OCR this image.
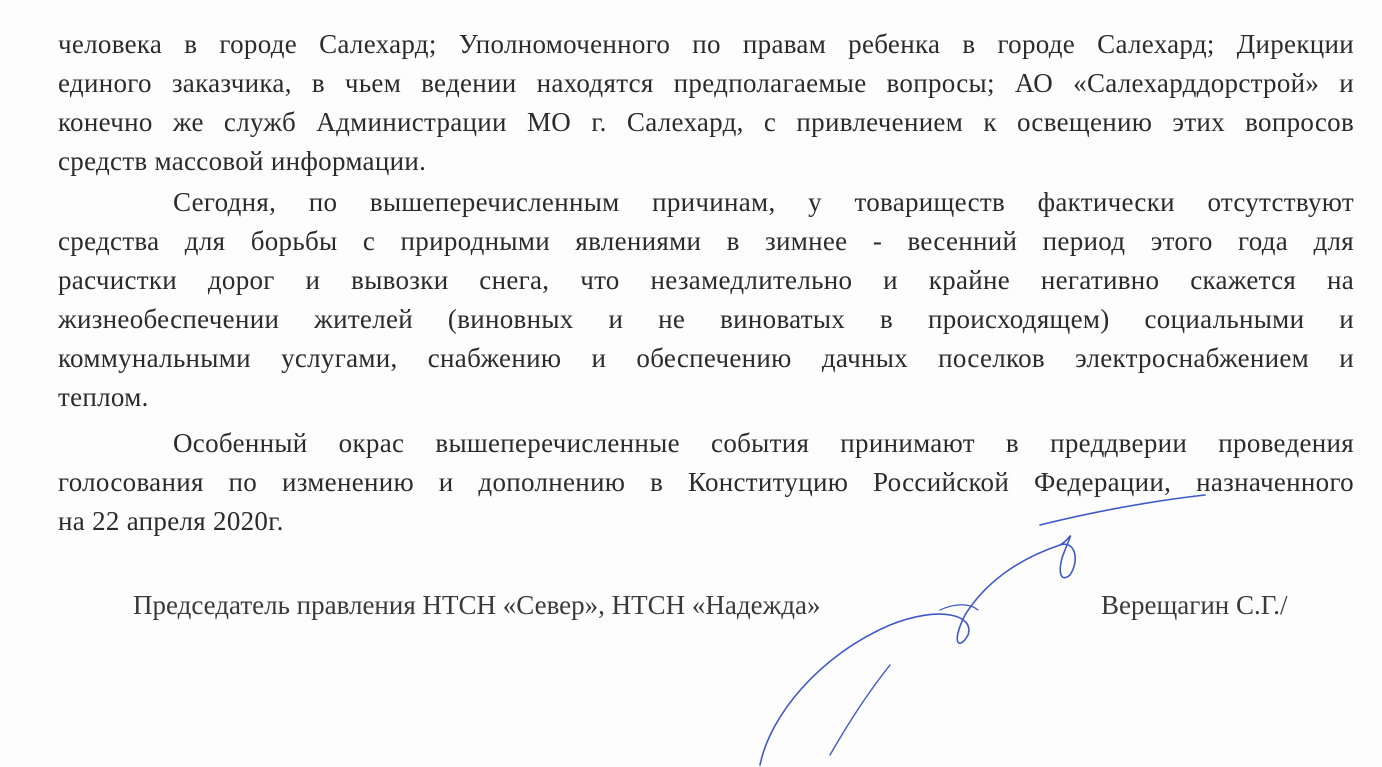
человека в городе Салехард; Уполномоченного по правам ребенка в городе Салехард; Дирекции
единого заказчика, в чьем ведении находятся предполагаемые вопросы; АО «Салехарддорстрой» и
конечно же служб Администрации МО г. Салехард, с привлечением к освещению этих вопросов
средств массовой информации.

Сегодня, по вышеперечисленным причинам, у товариществ фактически отсутствуют
средства для борьбы с природными явлениями в зимнее - весенний период этого года для
расчистки дорог и вывозки снега, что незамедлительно и крайне негативно скажется на
жизнеобеспечении жителей (виновных и не виноватых в происходящем) социальными и
коммунальными услугами, снабжению и обеспечению дачных поселков электроснабжением и
теплом.

Особенный окрас вышеперечисленные события принимают в преддверии проведения
голосования по изменению и дополнению в Конституцию Российской Федерации, назначенного
на 22 апреля 2020г.

Председатель правления НТСН «Север», НТСН «Надежда»	Верещагин С.Г./
